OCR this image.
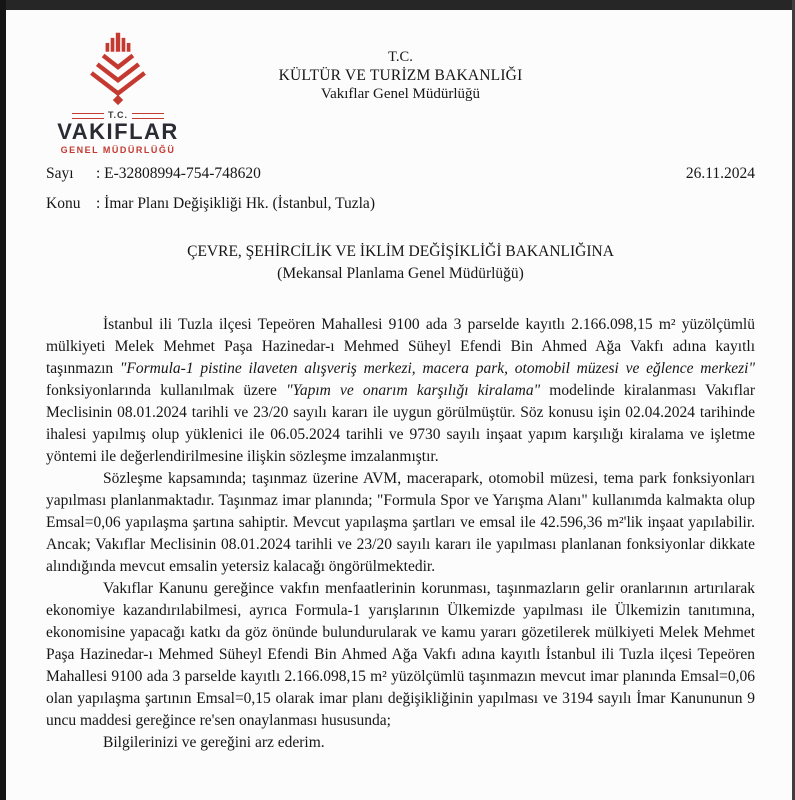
T.C.
VAKIFLAR
GENEL MÜDÜRLÜĞÜ
T.C.
KÜLTÜR VE TURİZM BAKANLIĞI
Vakıflar Genel Müdürlüğü
Sayı	: E-32808994-754-748620	26.11.2024
Konu	: İmar Planı Değişikliği Hk. (İstanbul, Tuzla)
ÇEVRE, ŞEHİRCİLİK VE İKLİM DEĞİŞİKLİĞİ BAKANLIĞINA
(Mekansal Planlama Genel Müdürlüğü)

İstanbul ili Tuzla ilçesi Tepeören Mahallesi 9100 ada 3 parselde kayıtlı 2.166.098,15 m² yüzölçümlü mülkiyeti Melek Mehmet Paşa Hazinedar-ı Mehmed Süheyl Efendi Bin Ahmed Ağa Vakfı adına kayıtlı taşınmazın "Formula-1 pistine ilaveten alışveriş merkezi, macera park, otomobil müzesi ve eğlence merkezi" fonksiyonlarında kullanılmak üzere "Yapım ve onarım karşılığı kiralama" modelinde kiralanması Vakıflar Meclisinin 08.01.2024 tarihli ve 23/20 sayılı kararı ile uygun görülmüştür. Söz konusu işin 02.04.2024 tarihinde ihalesi yapılmış olup yüklenici ile 06.05.2024 tarihli ve 9730 sayılı inşaat yapım karşılığı kiralama ve işletme yöntemi ile değerlendirilmesine ilişkin sözleşme imzalanmıştır.

Sözleşme kapsamında; taşınmaz üzerine AVM, macerapark, otomobil müzesi, tema park fonksiyonları yapılması planlanmaktadır. Taşınmaz imar planında; "Formula Spor ve Yarışma Alanı" kullanımda kalmakta olup Emsal=0,06 yapılaşma şartına sahiptir. Mevcut yapılaşma şartları ve emsal ile 42.596,36 m²'lik inşaat yapılabilir. Ancak; Vakıflar Meclisinin 08.01.2024 tarihli ve 23/20 sayılı kararı ile yapılması planlanan fonksiyonlar dikkate alındığında mevcut emsalin yetersiz kalacağı öngörülmektedir.

Vakıflar Kanunu gereğince vakfın menfaatlerinin korunması, taşınmazların gelir oranlarının artırılarak ekonomiye kazandırılabilmesi, ayrıca Formula-1 yarışlarının Ülkemizde yapılması ile Ülkemizin tanıtımına, ekonomisine yapacağı katkı da göz önünde bulundurularak ve kamu yararı gözetilerek mülkiyeti Melek Mehmet Paşa Hazinedar-ı Mehmed Süheyl Efendi Bin Ahmed Ağa Vakfı adına kayıtlı İstanbul ili Tuzla ilçesi Tepeören Mahallesi 9100 ada 3 parselde kayıtlı 2.166.098,15 m² yüzölçümlü taşınmazın mevcut imar planında Emsal=0,06 olan yapılaşma şartının Emsal=0,15 olarak imar planı değişikliğinin yapılması ve 3194 sayılı İmar Kanununun 9 uncu maddesi gereğince re'sen onaylanması hususunda;

Bilgilerinizi ve gereğini arz ederim.
